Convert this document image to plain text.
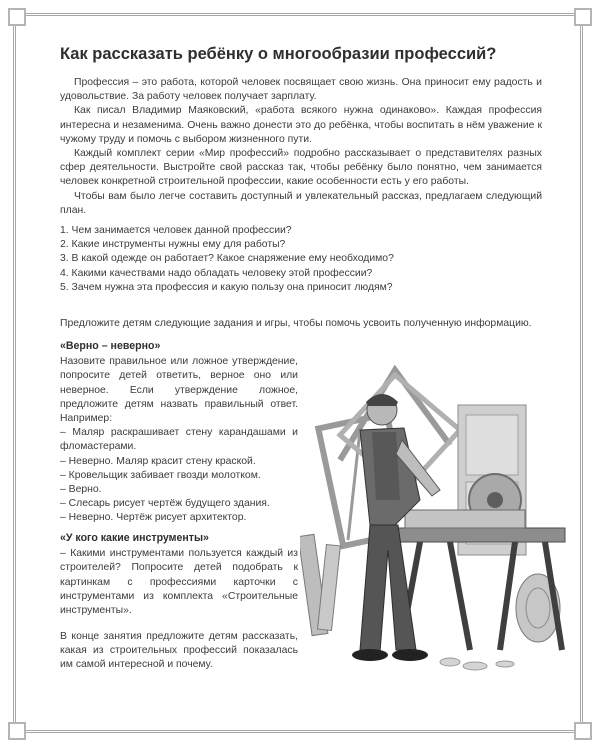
Как рассказать ребёнку о многообразии профессий?

Профессия – это работа, которой человек посвящает свою жизнь. Она приносит ему радость и удовольствие. За работу человек получает зарплату.

Как писал Владимир Маяковский, «работа всякого нужна одинаково». Каждая профессия интересна и незаменима. Очень важно донести это до ребёнка, чтобы воспитать в нём уважение к чужому труду и помочь с выбором жизненного пути.

Каждый комплект серии «Мир профессий» подробно рассказывает о представителях разных сфер деятельности. Выстройте свой рассказ так, чтобы ребёнку было понятно, чем занимается человек конкретной строительной профессии, какие особенности есть у его работы.

Чтобы вам было легче составить доступный и увлекательный рассказ, предлагаем следующий план.

1. Чем занимается человек данной профессии?
2. Какие инструменты нужны ему для работы?
3. В какой одежде он работает? Какое снаряжение ему необходимо?
4. Какими качествами надо обладать человеку этой профессии?
5. Зачем нужна эта профессия и какую пользу она приносит людям?
Предложите детям следующие задания и игры, чтобы помочь усвоить полученную информацию.
«Верно – неверно»

Назовите правильное или ложное утверждение, попросите детей ответить, верное оно или неверное. Если утверждение ложное, предложите детям назвать правильный ответ. Например:

– Маляр раскрашивает стену карандашами и фломастерами.

– Неверно. Маляр красит стену краской.

– Кровельщик забивает гвозди молотком.

– Верно.

– Слесарь рисует чертёж будущего здания.

– Неверно. Чертёж рисует архитектор.

«У кого какие инструменты»

– Какими инструментами пользуется каждый из строителей? Попросите детей подобрать к картинкам с профессиями карточки с инструментами из комплекта «Строительные инструменты».

В конце занятия предложите детям рассказать, какая из строительных профессий показалась им самой интересной и почему.
